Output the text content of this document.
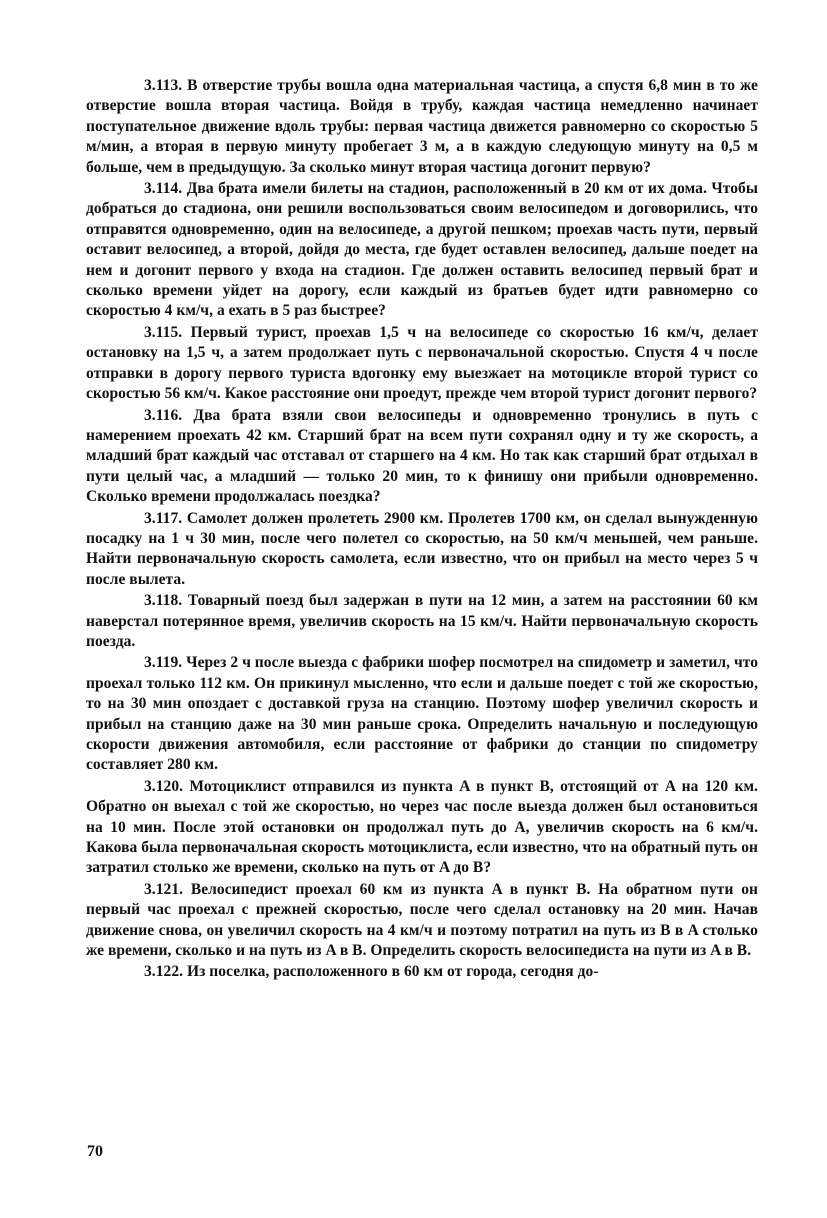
3.113. В отверстие трубы вошла одна материальная частица, а спустя 6,8 мин в то же отверстие вошла вторая частица. Войдя в трубу, каждая частица немедленно начинает поступательное движение вдоль трубы: первая частица движется равномерно со скоростью 5 м/мин, а вторая в первую минуту пробегает 3 м, а в каждую следующую минуту на 0,5 м больше, чем в предыдущую. За сколько минут вторая частица догонит первую?

3.114. Два брата имели билеты на стадион, расположенный в 20 км от их дома. Чтобы добраться до стадиона, они решили воспользоваться своим велосипедом и договорились, что отправятся одновременно, один на велосипеде, а другой пешком; проехав часть пути, первый оставит велосипед, а второй, дойдя до места, где будет оставлен велосипед, дальше поедет на нем и догонит первого у входа на стадион. Где должен оставить велосипед первый брат и сколько времени уйдет на дорогу, если каждый из братьев будет идти равномерно со скоростью 4 км/ч, а ехать в 5 раз быстрее?

3.115. Первый турист, проехав 1,5 ч на велосипеде со скоростью 16 км/ч, делает остановку на 1,5 ч, а затем продолжает путь с первоначальной скоростью. Спустя 4 ч после отправки в дорогу первого туриста вдогонку ему выезжает на мотоцикле второй турист со скоростью 56 км/ч. Какое расстояние они проедут, прежде чем второй турист догонит первого?

3.116. Два брата взяли свои велосипеды и одновременно тронулись в путь с намерением проехать 42 км. Старший брат на всем пути сохранял одну и ту же скорость, а младший брат каждый час отставал от старшего на 4 км. Но так как старший брат отдыхал в пути целый час, а младший — только 20 мин, то к финишу они прибыли одновременно. Сколько времени продолжалась поездка?

3.117. Самолет должен пролететь 2900 км. Пролетев 1700 км, он сделал вынужденную посадку на 1 ч 30 мин, после чего полетел со скоростью, на 50 км/ч меньшей, чем раньше. Найти первоначальную скорость самолета, если известно, что он прибыл на место через 5 ч после вылета.

3.118. Товарный поезд был задержан в пути на 12 мин, а затем на расстоянии 60 км наверстал потерянное время, увеличив скорость на 15 км/ч. Найти первоначальную скорость поезда.

3.119. Через 2 ч после выезда с фабрики шофер посмотрел на спидометр и заметил, что проехал только 112 км. Он прикинул мысленно, что если и дальше поедет с той же скоростью, то на 30 мин опоздает с доставкой груза на станцию. Поэтому шофер увеличил скорость и прибыл на станцию даже на 30 мин раньше срока. Определить начальную и последующую скорости движения автомобиля, если расстояние от фабрики до станции по спидометру составляет 280 км.

3.120. Мотоциклист отправился из пункта A в пункт B, отстоящий от A на 120 км. Обратно он выехал с той же скоростью, но через час после выезда должен был остановиться на 10 мин. После этой остановки он продолжал путь до A, увеличив скорость на 6 км/ч. Какова была первоначальная скорость мотоциклиста, если известно, что на обратный путь он затратил столько же времени, сколько на путь от A до B?

3.121. Велосипедист проехал 60 км из пункта A в пункт B. На обратном пути он первый час проехал с прежней скоростью, после чего сделал остановку на 20 мин. Начав движение снова, он увеличил скорость на 4 км/ч и поэтому потратил на путь из B в A столько же времени, сколько и на путь из A в B. Определить скорость велосипедиста на пути из A в B.

3.122. Из поселка, расположенного в 60 км от города, сегодня до-

70
